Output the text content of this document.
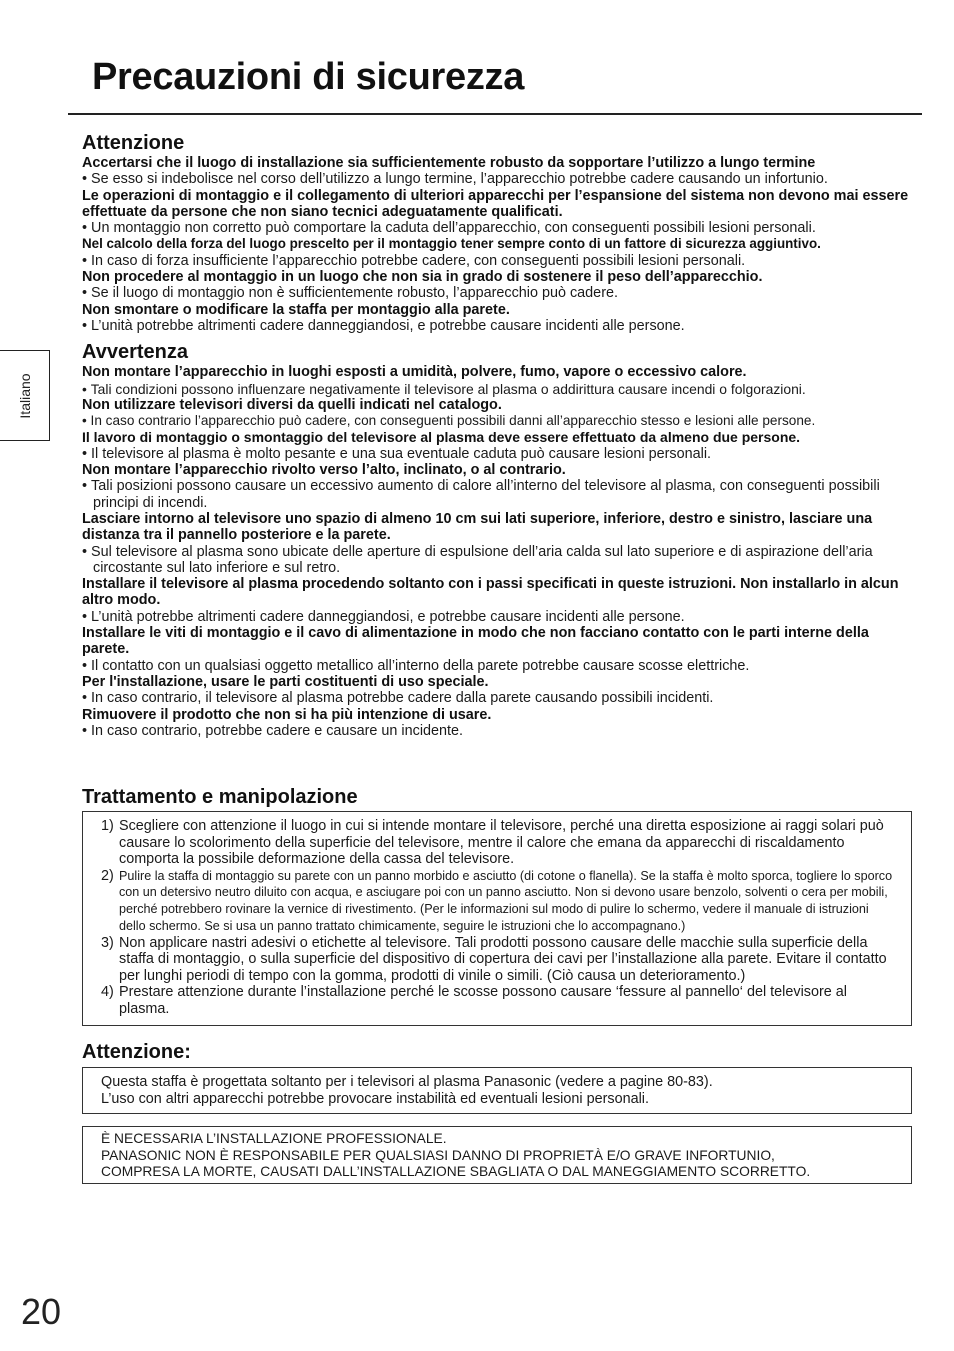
Precauzioni di sicurezza
Italiano
Attenzione
Accertarsi che il luogo di installazione sia sufficientemente robusto da sopportare l’utilizzo a lungo termine
• Se esso si indebolisce nel corso dell’utilizzo a lungo termine, l’apparecchio potrebbe cadere causando un infortunio.
Le operazioni di montaggio e il collegamento di ulteriori apparecchi per l’espansione del sistema non devono mai essere effettuate da persone che non siano tecnici adeguatamente qualificati.
• Un montaggio non corretto può comportare la caduta dell’apparecchio, con conseguenti possibili lesioni personali.
Nel calcolo della forza del luogo prescelto per il montaggio tener sempre conto di un fattore di sicurezza aggiuntivo.
• In caso di forza insufficiente l’apparecchio potrebbe cadere, con conseguenti possibili lesioni personali.
Non procedere al montaggio in un luogo che non sia in grado di sostenere il peso dell’apparecchio.
• Se il luogo di montaggio non è sufficientemente robusto, l’apparecchio può cadere.
Non smontare o modificare la staffa per montaggio alla parete.
• L’unità potrebbe altrimenti cadere danneggiandosi, e potrebbe causare incidenti alle persone.
Avvertenza
Non montare l’apparecchio in luoghi esposti a umidità, polvere, fumo, vapore o eccessivo calore.
• Tali condizioni possono influenzare negativamente il televisore al plasma o addirittura causare incendi o folgorazioni.
Non utilizzare televisori diversi da quelli indicati nel catalogo.
• In caso contrario l’apparecchio può cadere, con conseguenti possibili danni all’apparecchio stesso e lesioni alle persone.
Il lavoro di montaggio o smontaggio del televisore al plasma deve essere effettuato da almeno due persone.
• Il televisore al plasma è molto pesante e una sua eventuale caduta può causare lesioni personali.
Non montare l’apparecchio rivolto verso l’alto, inclinato, o al contrario.
• Tali posizioni possono causare un eccessivo aumento di calore all’interno del televisore al plasma, con conseguenti possibili principi di incendi.
Lasciare intorno al televisore uno spazio di almeno 10 cm sui lati superiore, inferiore, destro e sinistro, lasciare una distanza tra il pannello posteriore e la parete.
• Sul televisore al plasma sono ubicate delle aperture di espulsione dell’aria calda sul lato superiore e di aspirazione dell’aria circostante sul lato inferiore e sul retro.
Installare il televisore al plasma procedendo soltanto con i passi specificati in queste istruzioni. Non installarlo in alcun altro modo.
• L’unità potrebbe altrimenti cadere danneggiandosi, e potrebbe causare incidenti alle persone.
Installare le viti di montaggio e il cavo di alimentazione in modo che non facciano contatto con le parti interne della parete.
• Il contatto con un qualsiasi oggetto metallico all’interno della parete potrebbe causare scosse elettriche.
Per l'installazione, usare le parti costituenti di uso speciale.
• In caso contrario, il televisore al plasma potrebbe cadere dalla parete causando possibili incidenti.
Rimuovere il prodotto che non si ha più intenzione di usare.
• In caso contrario, potrebbe cadere e causare un incidente.
Trattamento e manipolazione
1) Scegliere con attenzione il luogo in cui si intende montare il televisore, perché una diretta esposizione ai raggi solari può causare lo scolorimento della superficie del televisore, mentre il calore che emana da apparecchi di riscaldamento comporta la possibile deformazione della cassa del televisore.
2) Pulire la staffa di montaggio su parete con un panno morbido e asciutto (di cotone o flanella). Se la staffa è molto sporca, togliere lo sporco con un detersivo neutro diluito con acqua, e asciugare poi con un panno asciutto. Non si devono usare benzolo, solventi o cera per mobili, perché potrebbero rovinare la vernice di rivestimento. (Per le informazioni sul modo di pulire lo schermo, vedere il manuale di istruzioni dello schermo. Se si usa un panno trattato chimicamente, seguire le istruzioni che lo accompagnano.)
3) Non applicare nastri adesivi o etichette al televisore. Tali prodotti possono causare delle macchie sulla superficie della staffa di montaggio, o sulla superficie del dispositivo di copertura dei cavi per l’installazione alla parete. Evitare il contatto per lunghi periodi di tempo con la gomma, prodotti di vinile o simili. (Ciò causa un deterioramento.)
4) Prestare attenzione durante l’installazione perché le scosse possono causare ‘fessure al pannello‘ del televisore al plasma.
Attenzione:
Questa staffa è progettata soltanto per i televisori al plasma Panasonic (vedere a pagine 80-83).
L’uso con altri apparecchi potrebbe provocare instabilità ed eventuali lesioni personali.
È NECESSARIA L’INSTALLAZIONE PROFESSIONALE.
PANASONIC NON È RESPONSABILE PER QUALSIASI DANNO DI PROPRIETÀ E/O GRAVE INFORTUNIO,
COMPRESA LA MORTE, CAUSATI DALL’INSTALLAZIONE SBAGLIATA O DAL MANEGGIAMENTO SCORRETTO.
20
